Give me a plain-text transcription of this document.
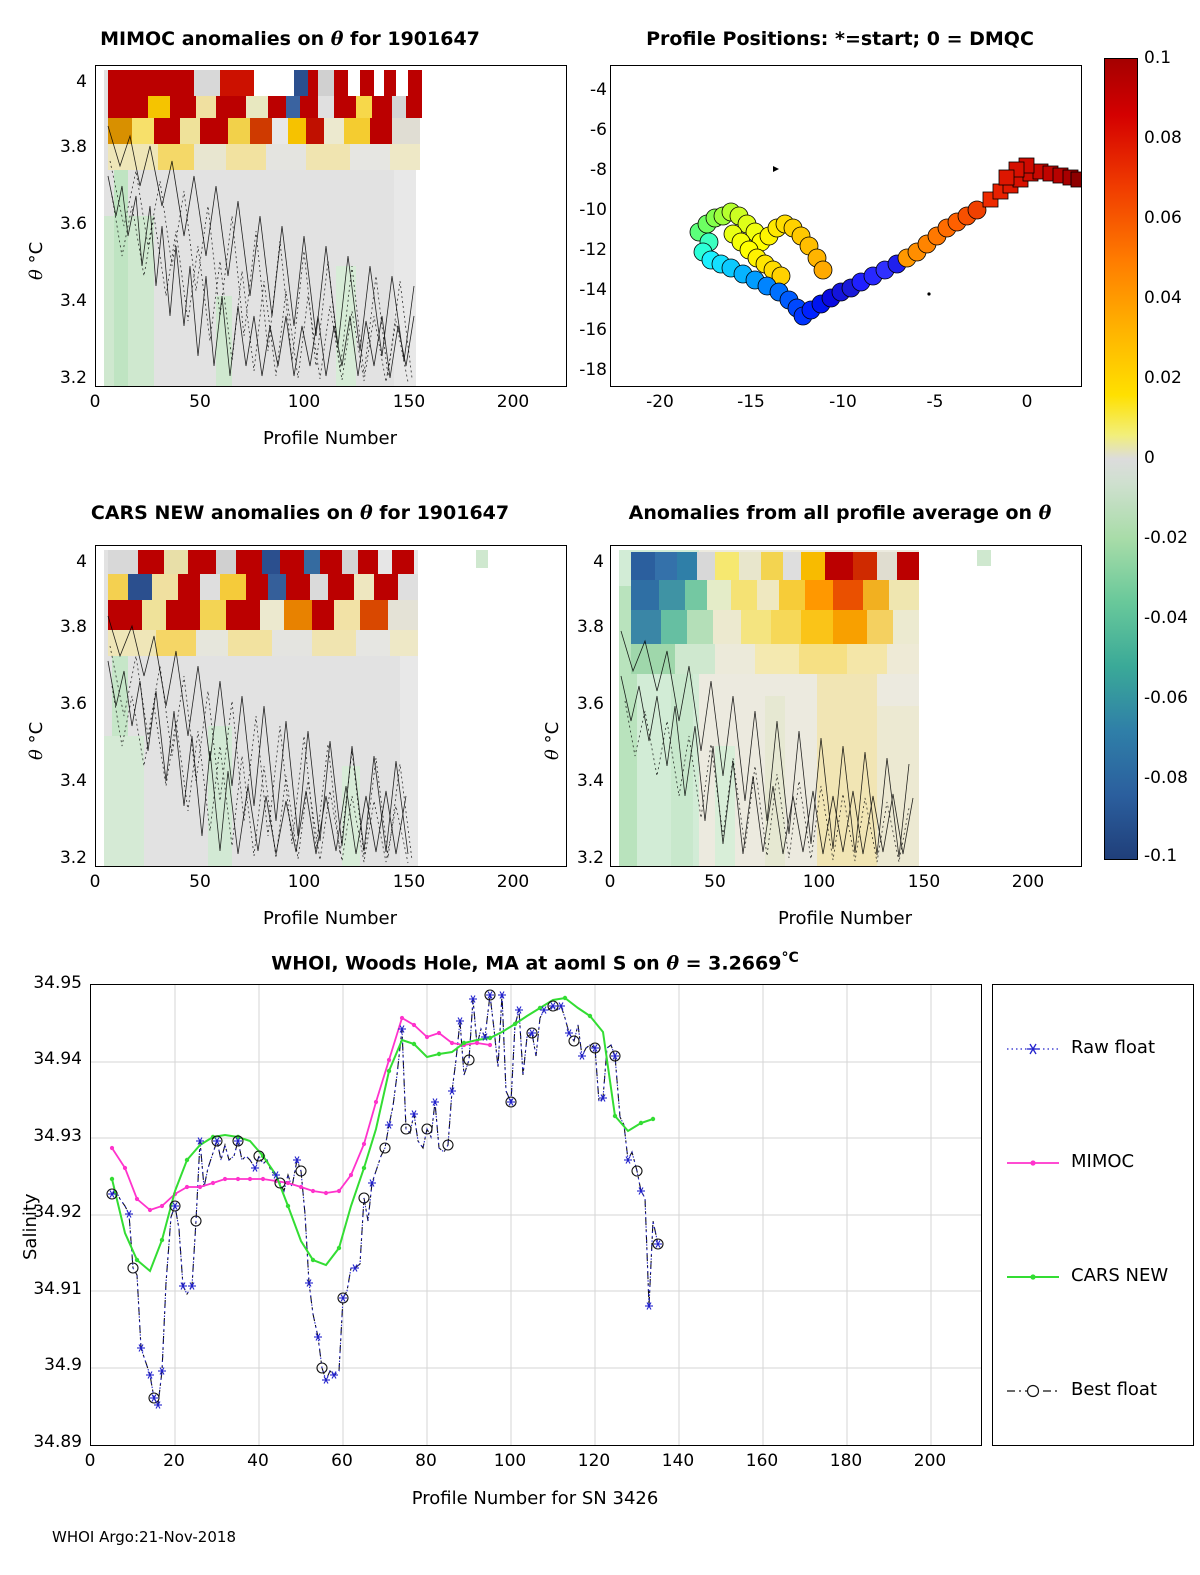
MIMOC anomalies on θ for 1901647
Profile Number
θ °C
0	50	100	150	200
3.2
3.4
3.6
3.8
4
Profile Positions: *=start; 0 = DMQC
-20	-15	-10	-5	0
-18
-16
-14
-12
-10
-8
-6
-4
0.1
0.08
0.06
0.04
0.02
0
-0.02
-0.04
-0.06
-0.08
-0.1
CARS NEW anomalies on θ for 1901647
Profile Number
θ °C
0	50	100	150	200
3.2
3.4
3.6
3.8
4
Anomalies from all profile average on θ
Profile Number
θ °C
0	50	100	150	200
3.2
3.4
3.6
3.8
4
WHOI, Woods Hole, MA at aoml S on $\theta = 3.2669^{^\circ C}$
0	20	40	60	80	100	120	140	160	180	200
34.89
34.9
34.91
34.92
34.93
34.94
34.95
Profile Number for SN 3426
Salinity
Raw float
MIMOC
CARS NEW
Best float
WHOI Argo:21-Nov-2018
